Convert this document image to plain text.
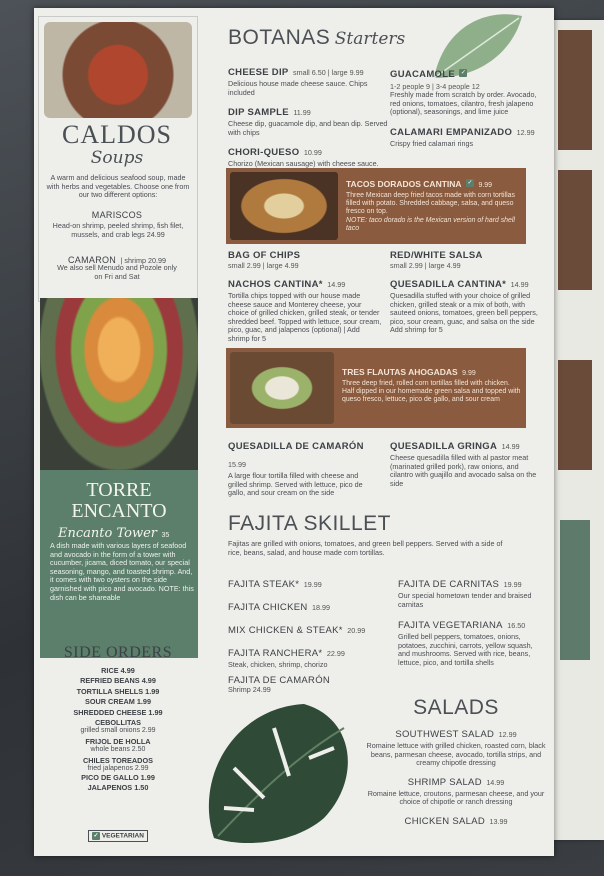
CALDOS
Soups
A warm and delicious seafood soup, made with herbs and vegetables. Choose one from our two different options:
MARISCOS
Head-on shrimp, peeled shrimp, fish filet, mussels, and crab legs 24.99
CAMARON | shrimp 20.99
We also sell Menudo and Pozole only on Fri and Sat
TORRE ENCANTO
Encanto Tower 35
A dish made with various layers of seafood and avocado in the form of a tower with cucumber, jicama, diced tomato, our special seasoning, mango, and toasted shrimp. And, it comes with two oysters on the side garnished with pico and avocado. NOTE: this dish can be shareable
SIDE ORDERS
RICE 4.99
REFRIED BEANS 4.99
TORTILLA SHELLS 1.99
SOUR CREAM 1.99
SHREDDED CHEESE 1.99
CEBOLLITAS
grilled small onions 2.99
FRIJOL DE HOLLA
whole beans 2.50
CHILES TOREADOS
fried jalapenos 2.99
PICO DE GALLO 1.99
JALAPENOS 1.50
✓ VEGETARIAN
BOTANAS Starters
CHEESE DIP small 6.50 | large 9.99
Delicious house made cheese sauce. Chips included
DIP SAMPLE 11.99
Cheese dip, guacamole dip, and bean dip. Served with chips
CHORI-QUESO 10.99
Chorizo (Mexican sausage) with cheese sauce.
GUACAMOLE ✓
1-2 people 9 | 3-4 people 12
Freshly made from scratch by order. Avocado, red onions, tomatoes, cilantro, fresh jalapeno (optional), seasonings, and lime juice
CALAMARI EMPANIZADO 12.99
Crispy fried calamari rings
TACOS DORADOS CANTINA ✓ 9.99
Three Mexican deep fried tacos made with corn tortillas filled with potato. Shredded cabbage, salsa, and queso fresco on top.
NOTE: taco dorado is the Mexican version of hard shell taco
BAG OF CHIPS
small 2.99 | large 4.99
RED/WHITE SALSA
small 2.99 | large 4.99
NACHOS CANTINA* 14.99
Tortilla chips topped with our house made cheese sauce and Monterey cheese, your choice of grilled chicken, grilled steak, or tender shredded beef. Topped with lettuce, sour cream, pico, guac, and jalapenos (optional) | Add shrimp for 5
QUESADILLA CANTINA* 14.99
Quesadilla stuffed with your choice of grilled chicken, grilled steak or a mix of both, with sauteed onions, tomatoes, green bell peppers, pico, sour cream, guac, and salsa on the side
Add shrimp for 5
TRES FLAUTAS AHOGADAS 9.99
Three deep fried, rolled corn tortillas filled with chicken. Half dipped in our homemade green salsa and topped with queso fresco, lettuce, pico de gallo, and sour cream
QUESADILLA DE CAMARÓN 15.99
A large flour tortilla filled with cheese and grilled shrimp. Served with lettuce, pico de gallo, and sour cream on the side
QUESADILLA GRINGA 14.99
Cheese quesadilla filled with al pastor meat (marinated grilled pork), raw onions, and cilantro with guajillo and avocado salsa on the side
FAJITA SKILLET
Fajitas are grilled with onions, tomatoes, and green bell peppers. Served with a side of rice, beans, salad, and house made corn tortillas.
FAJITA STEAK* 19.99
FAJITA CHICKEN 18.99
MIX CHICKEN & STEAK* 20.99
FAJITA RANCHERA* 22.99
Steak, chicken, shrimp, chorizo
FAJITA DE CAMARÓN
Shrimp 24.99
FAJITA DE CARNITAS 19.99
Our special hometown tender and braised carnitas
FAJITA VEGETARIANA 16.50
Grilled bell peppers, tomatoes, onions, potatoes, zucchini, carrots, yellow squash, and mushrooms. Served with rice, beans, lettuce, pico, and tortilla shells
SALADS
SOUTHWEST SALAD 12.99
Romaine lettuce with grilled chicken, roasted corn, black beans, parmesan cheese, avocado, tortilla strips, and creamy chipotle dressing
SHRIMP SALAD 14.99
Romaine lettuce, croutons, parmesan cheese, and your choice of chipotle or ranch dressing
CHICKEN SALAD 13.99
